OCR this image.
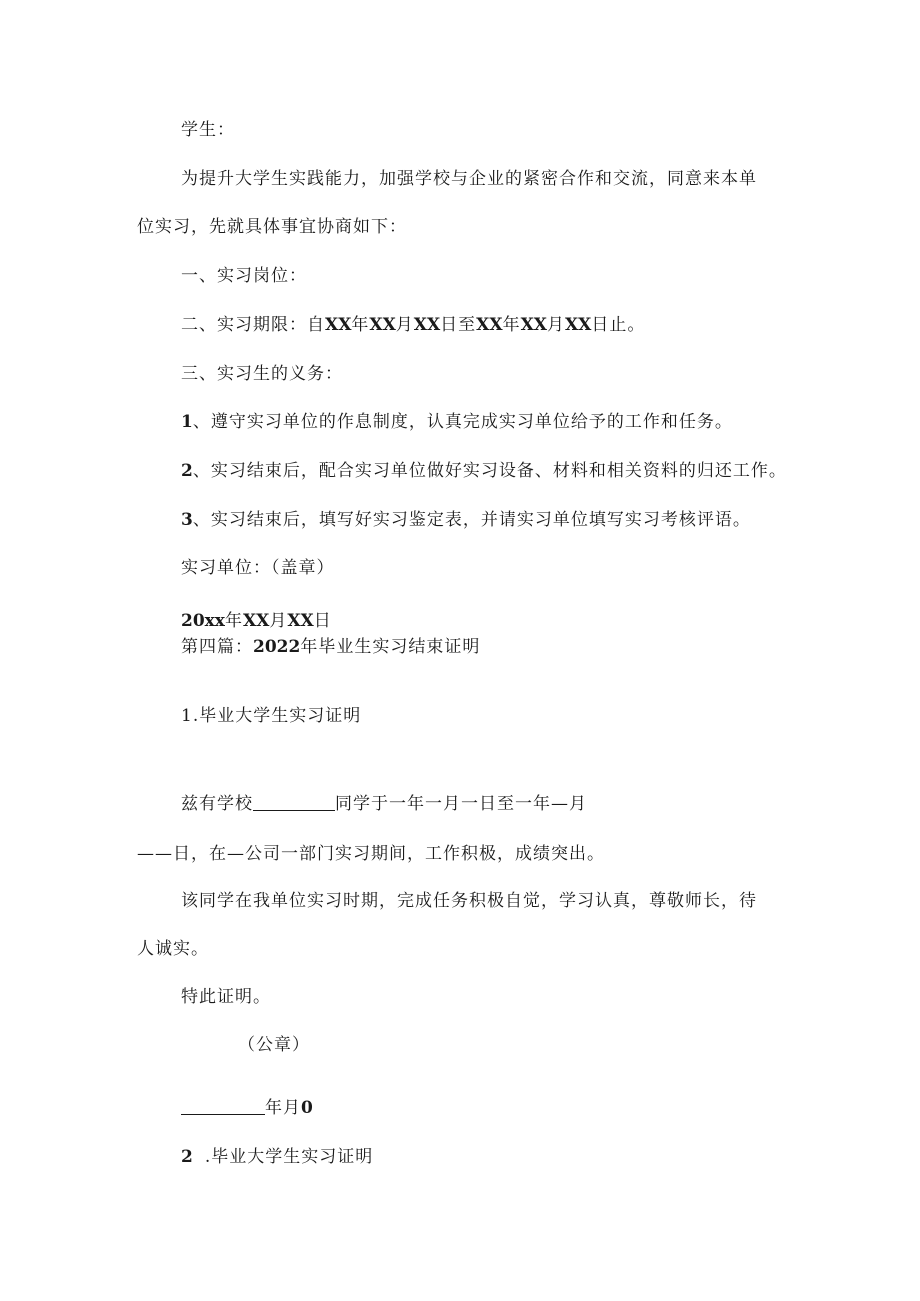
学生：
为提升大学生实践能力，加强学校与企业的紧密合作和交流，同意来本单
位实习，先就具体事宜协商如下：
一、实习岗位：
二、实习期限：自XX年XX月XX日至XX年XX月XX日止。
三、实习生的义务：
1、遵守实习单位的作息制度，认真完成实习单位给予的工作和任务。
2、实习结束后，配合实习单位做好实习设备、材料和相关资料的归还工作。
3、实习结束后，填写好实习鉴定表，并请实习单位填写实习考核评语。
实习单位：（盖章）
20xx年XX月XX日
第四篇：2022年毕业生实习结束证明
1.毕业大学生实习证明
兹有学校	同学于一年一月一日至一年—月
——日，在—公司一部门实习期间，工作积极，成绩突出。
该同学在我单位实习时期，完成任务积极自觉，学习认真，尊敬师长，待
人诚实。
特此证明。
（公章）
年月0
2 .毕业大学生实习证明
